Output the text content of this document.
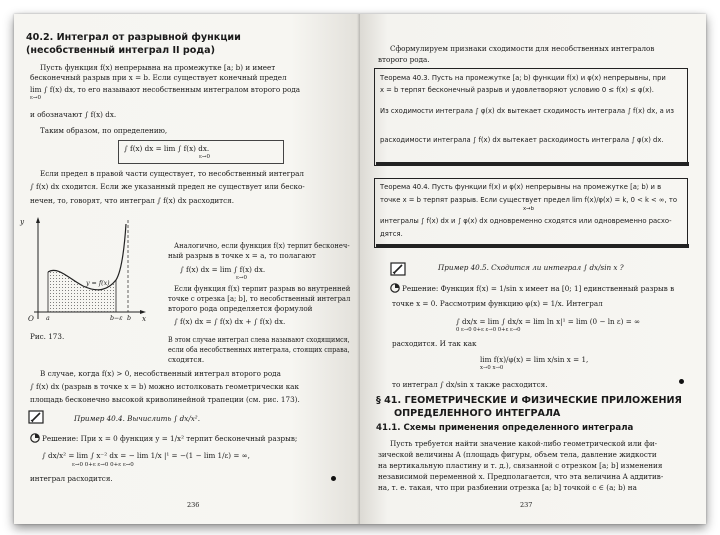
40.2. Интеграл от разрывной функции
(несобственный интеграл II рода)
Пусть функция f(x) непрерывна на промежутке [a; b) и имеет
бесконечный разрыв при x = b. Если существует конечный предел
lim ∫ f(x) dx, то его называют несобственным интегралом второго рода
ε→0
и обозначают ∫ f(x) dx.
Таким образом, по определению,
∫ f(x) dx = lim ∫ f(x) dx.
ε→0
Если предел в правой части существует, то несобственный интеграл
∫ f(x) dx сходится. Если же указанный предел не существует или беско-
нечен, то, говорят, что интеграл ∫ f(x) dx расходится.
y
x
y = f(x)
O a	b−ε b
Рис. 173.
Аналогично, если функция f(x) терпит бесконеч-
ный разрыв в точке x = a, то полагают
∫ f(x) dx = lim ∫ f(x) dx.
ε→0
Если функция f(x) терпит разрыв во внутренней
точке c отрезка [a; b], то несобственный интеграл
второго рода определяется формулой
∫ f(x) dx = ∫ f(x) dx + ∫ f(x) dx.
В этом случае интеграл слева называют сходящимся,
если оба несобственных интеграла, стоящих справа,
сходятся.
В случае, когда f(x) > 0, несобственный интеграл второго рода
∫ f(x) dx (разрыв в точке x = b) можно истолковать геометрически как
площадь бесконечно высокой криволинейной трапеции (см. рис. 173).
Пример 40.4. Вычислить ∫ dx/x².
Решение: При x = 0 функция y = 1/x² терпит бесконечный разрыв;
∫ dx/x² = lim ∫ x⁻² dx = − lim 1/x |¹ = −(1 − lim 1/ε) = ∞,
ε→0 0+ε ε→0 0+ε ε→0
интеграл расходится.
236
Сформулируем признаки сходимости для несобственных интегралов
второго рода.
Теорема 40.3. Пусть на промежутке [a; b) функции f(x) и φ(x) непрерывны, при
x = b терпят бесконечный разрыв и удовлетворяют условию 0 ≤ f(x) ≤ φ(x).
Из сходимости интеграла ∫ φ(x) dx вытекает сходимость интеграла ∫ f(x) dx, а из
расходимости интеграла ∫ f(x) dx вытекает расходимость интеграла ∫ φ(x) dx.
Теорема 40.4. Пусть функции f(x) и φ(x) непрерывны на промежутке [a; b) и в
точке x = b терпят разрыв. Если существует предел lim f(x)/φ(x) = k, 0 < k < ∞, то
x→b
интегралы ∫ f(x) dx и ∫ φ(x) dx одновременно сходятся или одновременно расхо-
дятся.
Пример 40.5. Сходится ли интеграл ∫ dx/sin x ?
Решение: Функция f(x) = 1/sin x имеет на [0; 1] единственный разрыв в
точке x = 0. Рассмотрим функцию φ(x) = 1/x. Интеграл
∫ dx/x = lim ∫ dx/x = lim ln x|¹ = lim (0 − ln ε) = ∞
0 ε→0 0+ε ε→0 0+ε ε→0
расходится. И так как
lim f(x)/φ(x) = lim x/sin x = 1,
x→0 x→0
то интеграл ∫ dx/sin x также расходится.
§ 41. ГЕОМЕТРИЧЕСКИЕ И ФИЗИЧЕСКИЕ ПРИЛОЖЕНИЯ
ОПРЕДЕЛЕННОГО ИНТЕГРАЛА
41.1. Схемы применения определенного интеграла
Пусть требуется найти значение какой-либо геометрической или фи-
зической величины A (площадь фигуры, объем тела, давление жидкости
на вертикальную пластину и т. д.), связанной с отрезком [a; b] изменения
независимой переменной x. Предполагается, что эта величина A аддитив-
на, т. е. такая, что при разбиении отрезка [a; b] точкой c ∈ (a; b) на
237
